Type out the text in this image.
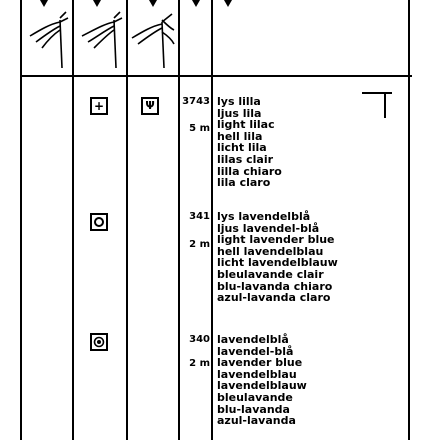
+	Ψ	3743
5 m
lys lilla
ljus lila
light lilac
hell lila
licht lila
lilas clair
lilla chiaro
lila claro
341
2 m
lys lavendelblå
ljus lavendel-blå
light lavender blue
hell lavendelblau
licht lavendelblauw
bleulavande clair
blu-lavanda chiaro
azul-lavanda claro
340
2 m
lavendelblå
lavendel-blå
lavender blue
lavendelblau
lavendelblauw
bleulavande
blu-lavanda
azul-lavanda
